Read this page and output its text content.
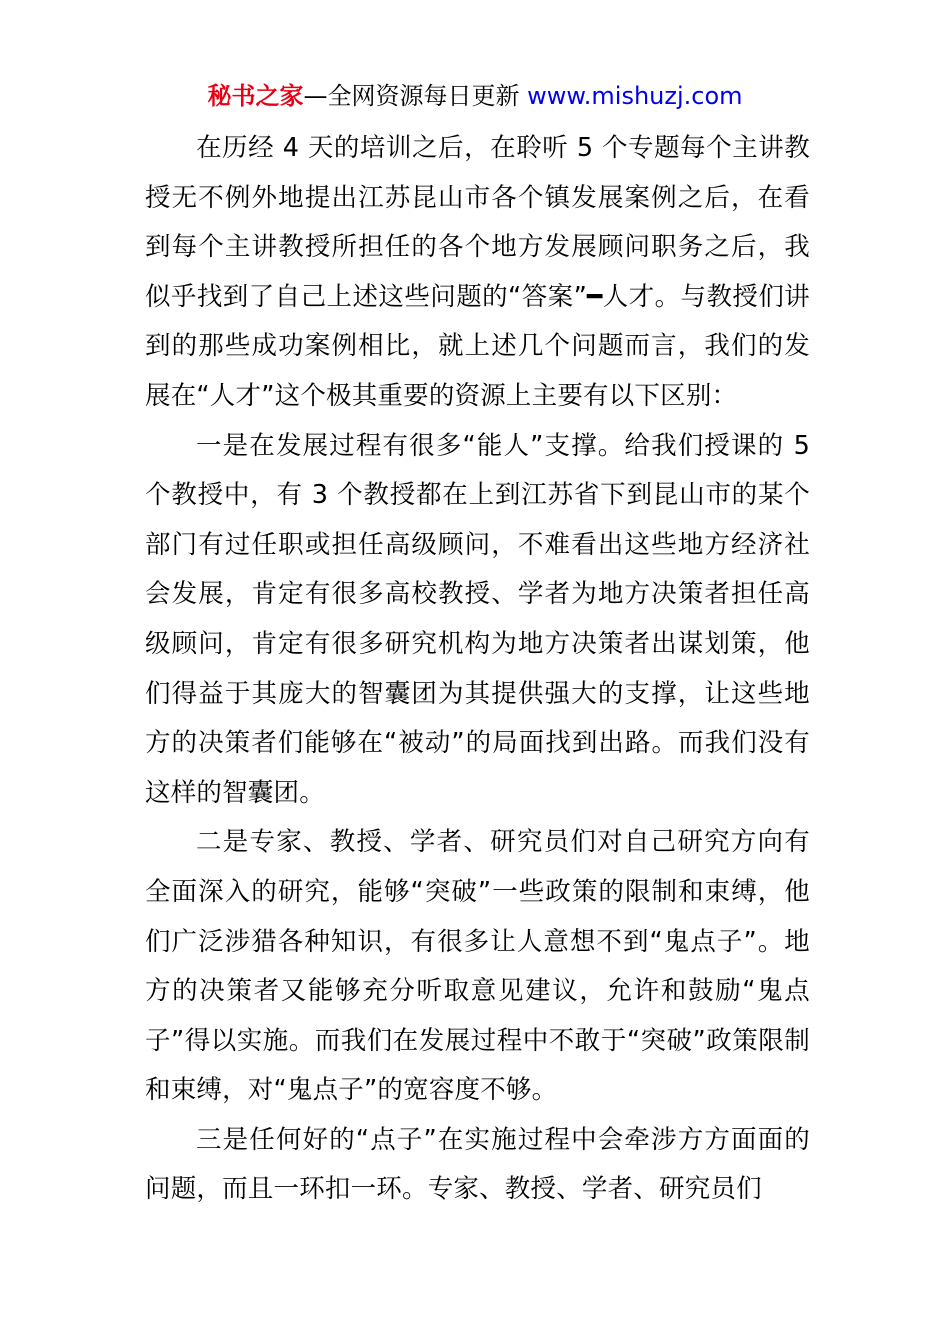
秘书之家—全网资源每日更新 www.mishuzj.com

在历经 4 天的培训之后，在聆听 5 个专题每个主讲教授无不例外地提出江苏昆山市各个镇发展案例之后，在看到每个主讲教授所担任的各个地方发展顾问职务之后，我似乎找到了自己上述这些问题的“答案”━人才。与教授们讲到的那些成功案例相比，就上述几个问题而言，我们的发展在“人才”这个极其重要的资源上主要有以下区别：

一是在发展过程有很多“能人”支撑。给我们授课的 5 个教授中，有 3 个教授都在上到江苏省下到昆山市的某个部门有过任职或担任高级顾问，不难看出这些地方经济社会发展，肯定有很多高校教授、学者为地方决策者担任高级顾问，肯定有很多研究机构为地方决策者出谋划策，他们得益于其庞大的智囊团为其提供强大的支撑，让这些地方的决策者们能够在“被动”的局面找到出路。而我们没有这样的智囊团。

二是专家、教授、学者、研究员们对自己研究方向有全面深入的研究，能够“突破”一些政策的限制和束缚，他们广泛涉猎各种知识，有很多让人意想不到“鬼点子”。地方的决策者又能够充分听取意见建议，允许和鼓励“鬼点子”得以实施。而我们在发展过程中不敢于“突破”政策限制和束缚，对“鬼点子”的宽容度不够。

三是任何好的“点子”在实施过程中会牵涉方方面面的问题，而且一环扣一环。专家、教授、学者、研究员们
